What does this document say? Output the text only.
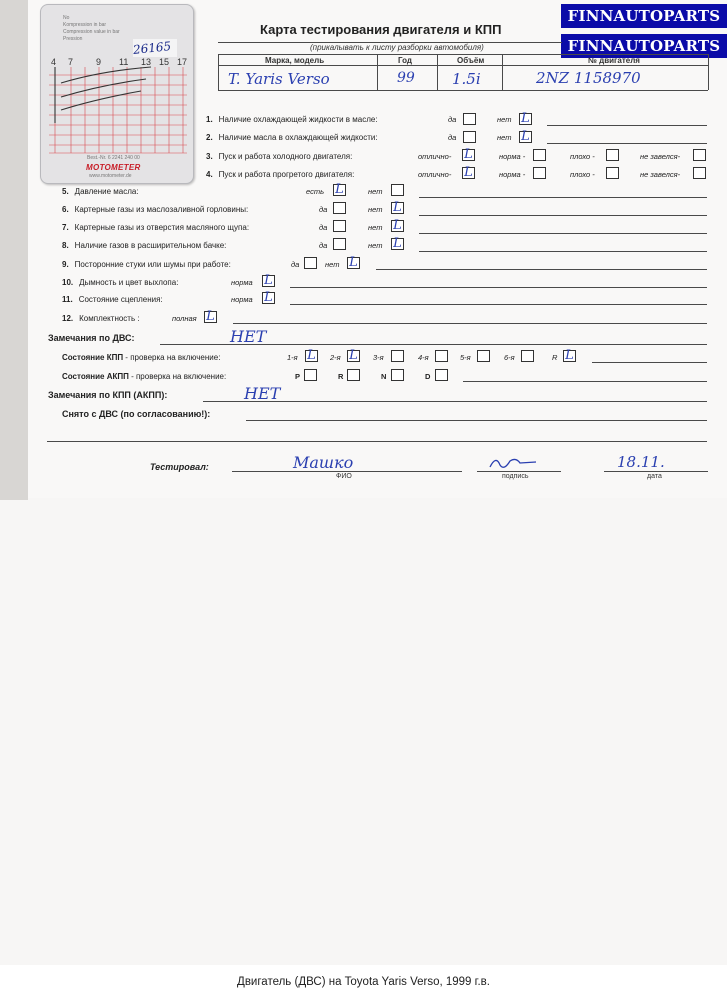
No
Kompression in bar
Compression value in bar
Pression
26165
4 7	9 11 13 15 17
Best.-Nr. 6 2241 240 00
MOTOMETER
www.motometer.de
FINNAUTOPARTS
FINNAUTOPARTS
Карта тестирования двигателя и КПП
(прикалывать к листу разборки автомобиля)
Марка, модель	Год	Объём	№ двигателя
T. Yaris Verso	99 1.5i	2NZ 1158970
1. Наличие охлаждающей жидкости в масле:	да	нет L
2. Наличие масла в охлаждающей жидкости:	да	нет L
3. Пуск и работа холодного двигателя:	отлично- L	норма -	плохо -	не завелся-
4. Пуск и работа прогретого двигателя:	отлично- L	норма -	плохо -	не завелся-
5. Давление масла:	есть L	нет
6. Картерные газы из маслозаливной горловины:	да	нет L
7. Картерные газы из отверстия масляного щупа:	да	нет L
8. Наличие газов в расширительном бачке:	да	нет L
9. Посторонние стуки или шумы при работе:	да	нет L
10. Дымность и цвет выхлопа:	норма L
11. Состояние сцепления:	норма L
12. Комплектность :	полная L
Замечания по ДВС:	НЕТ
Состояние КПП - проверка на включение:	1-я L 2-я L 3-я	4-я	5-я	6-я	R L
Состояние АКПП - проверка на включение:	P	R	N	D
Замечания по КПП (АКПП):	НЕТ
Снято с ДВС (по согласованию!):
Тестировал:	Машко	18.11.
ФИО	подпись	дата
Двигатель (ДВС) на Toyota Yaris Verso, 1999 г.в.
